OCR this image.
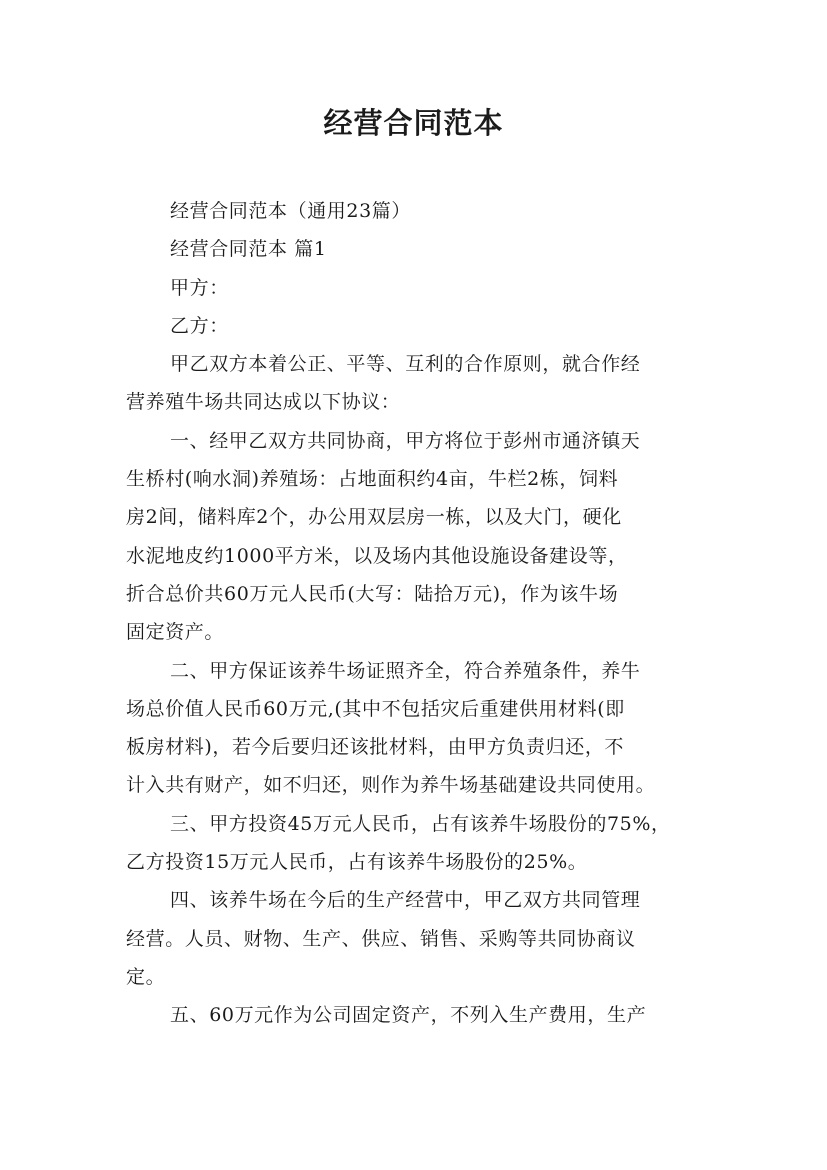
经营合同范本
经营合同范本（通用23篇）
经营合同范本 篇1
甲方：
乙方：
甲乙双方本着公正、平等、互利的合作原则，就合作经
营养殖牛场共同达成以下协议：
一、经甲乙双方共同协商，甲方将位于彭州市通济镇天
生桥村(响水洞)养殖场：占地面积约4亩，牛栏2栋，饲料
房2间，储料库2个，办公用双层房一栋，以及大门，硬化
水泥地皮约1000平方米，以及场内其他设施设备建设等，
折合总价共60万元人民币(大写：陆拾万元)，作为该牛场
固定资产。
二、甲方保证该养牛场证照齐全，符合养殖条件，养牛
场总价值人民币60万元,(其中不包括灾后重建供用材料(即
板房材料)，若今后要归还该批材料，由甲方负责归还，不
计入共有财产，如不归还，则作为养牛场基础建设共同使用。
三、甲方投资45万元人民币，占有该养牛场股份的75%，
乙方投资15万元人民币，占有该养牛场股份的25%。
四、该养牛场在今后的生产经营中，甲乙双方共同管理
经营。人员、财物、生产、供应、销售、采购等共同协商议
定。
五、60万元作为公司固定资产，不列入生产费用，生产
